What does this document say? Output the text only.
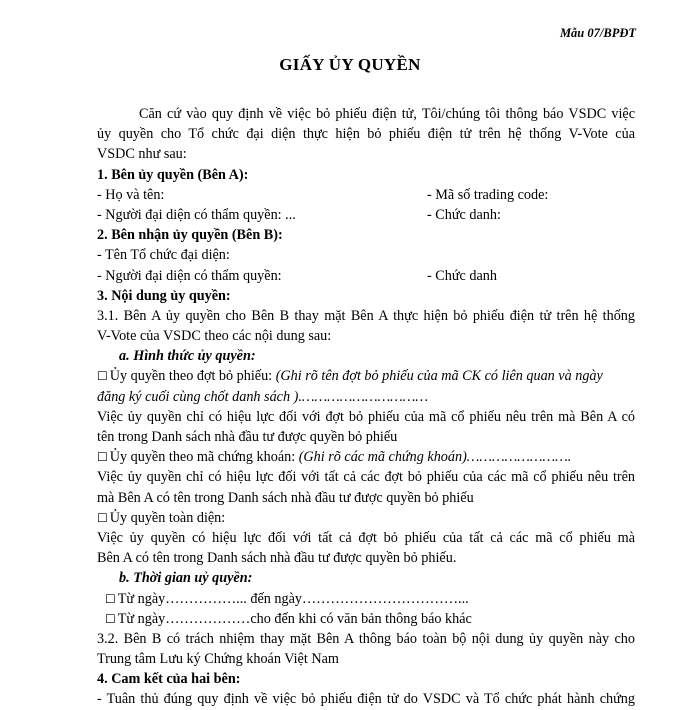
Mẫu 07/BPĐT
GIẤY ỦY QUYỀN
Căn cứ vào quy định về việc bỏ phiếu điện tử, Tôi/chúng tôi thông báo VSDC việc
ủy quyền cho Tổ chức đại diện thực hiện bỏ phiếu điện tử trên hệ thống V-Vote của
VSDC như sau:
1. Bên ủy quyền (Bên A):
- Họ và tên:	- Mã số trading code:
- Người đại diện có thẩm quyền: ...	- Chức danh:
2. Bên nhận ủy quyền (Bên B):
- Tên Tổ chức đại diện:
- Người đại diện có thẩm quyền:	- Chức danh
3. Nội dung ủy quyền:
3.1. Bên A ủy quyền cho Bên B thay mặt Bên A thực hiện bỏ phiếu điện tử trên hệ thống
V-Vote của VSDC theo các nội dung sau:
a. Hình thức ủy quyền:
☐ Ủy quyền theo đợt bỏ phiếu: (Ghi rõ tên đợt bỏ phiếu của mã CK có liên quan và ngày
đăng ký cuối cùng chốt danh sách ).…………………………
Việc ủy quyền chỉ có hiệu lực đối với đợt bỏ phiếu của mã cổ phiếu nêu trên mà Bên A có
tên trong Danh sách nhà đầu tư được quyền bỏ phiếu
☐ Ủy quyền theo mã chứng khoán: (Ghi rõ các mã chứng khoán)…………………….
Việc ủy quyền chỉ có hiệu lực đối với tất cả các đợt bỏ phiếu của các mã cổ phiếu nêu trên
mà Bên A có tên trong Danh sách nhà đầu tư được quyền bỏ phiếu
☐ Ủy quyền toàn diện:
Việc ủy quyền có hiệu lực đối với tất cả đợt bỏ phiếu của tất cả các mã cổ phiếu mà
Bên A có tên trong Danh sách nhà đầu tư được quyền bỏ phiếu.
b. Thời gian uỷ quyền:
☐ Từ ngày……………... đến ngày……………………………...
☐ Từ ngày………………cho đến khi có văn bản thông báo khác
3.2. Bên B có trách nhiệm thay mặt Bên A thông báo toàn bộ nội dung ủy quyền này cho
Trung tâm Lưu ký Chứng khoán Việt Nam
4. Cam kết của hai bên:
- Tuân thủ đúng quy định về việc bỏ phiếu điện tử do VSDC và Tổ chức phát hành chứng
